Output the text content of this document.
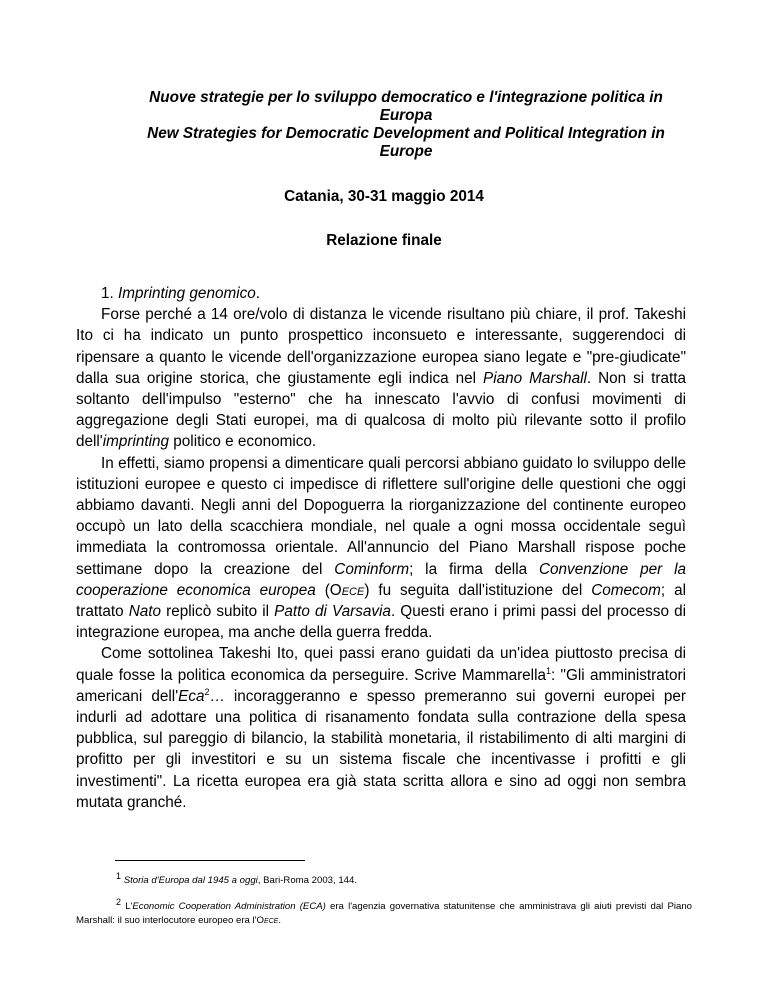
Nuove strategie per lo sviluppo democratico e l'integrazione politica in
Europa
New Strategies for Democratic Development and Political Integration in
Europe
Catania, 30-31 maggio 2014
Relazione finale

1. Imprinting genomico.

Forse perché a 14 ore/volo di distanza le vicende risultano più chiare, il prof. Takeshi Ito ci ha indicato un punto prospettico inconsueto e interessante, suggerendoci di ripensare a quanto le vicende dell'organizzazione europea siano legate e "pre-giudicate" dalla sua origine storica, che giustamente egli indica nel Piano Marshall. Non si tratta soltanto dell'impulso "esterno" che ha innescato l'avvio di confusi movimenti di aggregazione degli Stati europei, ma di qualcosa di molto più rilevante sotto il profilo dell'imprinting politico e economico.

In effetti, siamo propensi a dimenticare quali percorsi abbiano guidato lo sviluppo delle istituzioni europee e questo ci impedisce di riflettere sull'origine delle questioni che oggi abbiamo davanti. Negli anni del Dopoguerra la riorganizzazione del continente europeo occupò un lato della scacchiera mondiale, nel quale a ogni mossa occidentale seguì immediata la contromossa orientale. All'annuncio del Piano Marshall rispose poche settimane dopo la creazione del Cominform; la firma della Convenzione per la cooperazione economica europea (Oece) fu seguita dall'istituzione del Comecom; al trattato Nato replicò subito il Patto di Varsavia. Questi erano i primi passi del processo di integrazione europea, ma anche della guerra fredda.

Come sottolinea Takeshi Ito, quei passi erano guidati da un'idea piuttosto precisa di quale fosse la politica economica da perseguire. Scrive Mammarella$^1$: "Gli amministratori americani dell'Eca$^2$… incoraggeranno e spesso premeranno sui governi europei per indurli ad adottare una politica di risanamento fondata sulla contrazione della spesa pubblica, sul pareggio di bilancio, la stabilità monetaria, il ristabilimento di alti margini di profitto per gli investitori e su un sistema fiscale che incentivasse i profitti e gli investimenti". La ricetta europea era già stata scritta allora e sino ad oggi non sembra mutata granché.

$^1$ Storia d'Europa dal 1945 a oggi, Bari-Roma 2003, 144.

$^2$ L'Economic Cooperation Administration (ECA) era l'agenzia governativa statunitense che amministrava gli aiuti previsti dal Piano Marshall: il suo interlocutore europeo era l'Oece.
